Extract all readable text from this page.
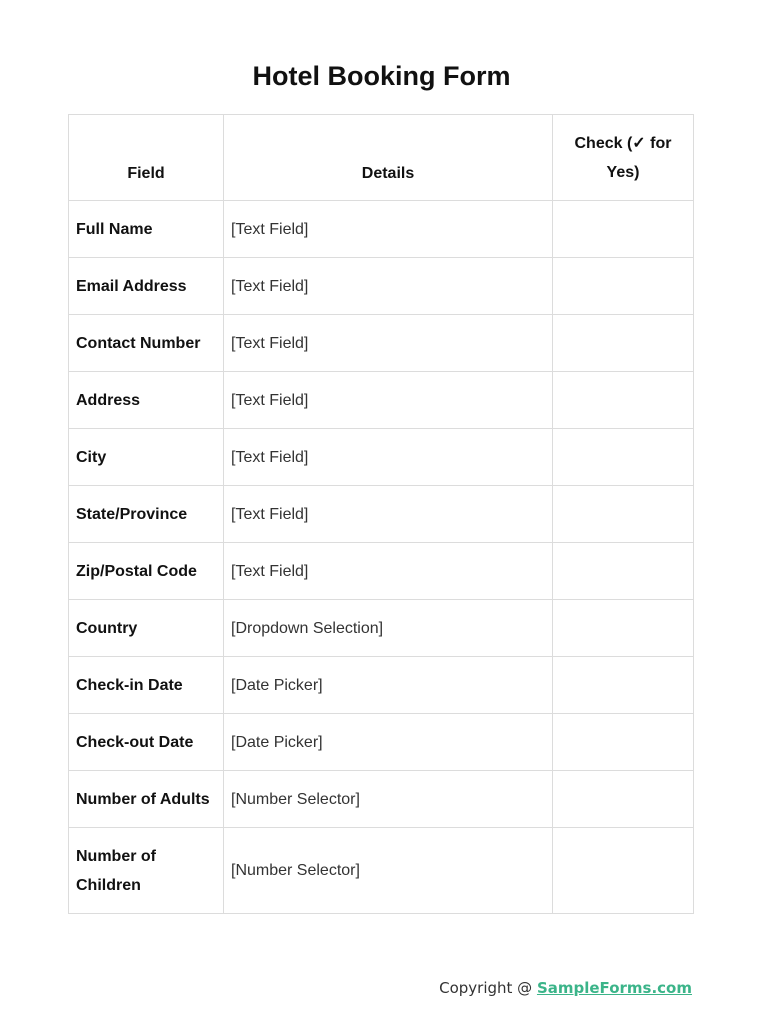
Hotel Booking Form
Field	Details	Check (✓ for Yes)
Full Name	[Text Field]	
Email Address	[Text Field]	
Contact Number	[Text Field]	
Address	[Text Field]	
City	[Text Field]	
State/Province	[Text Field]	
Zip/Postal Code	[Text Field]	
Country	[Dropdown Selection]	
Check-in Date	[Date Picker]	
Check-out Date	[Date Picker]	
Number of Adults	[Number Selector]	
Number of Children	[Number Selector]	
Copyright @ SampleForms.com
